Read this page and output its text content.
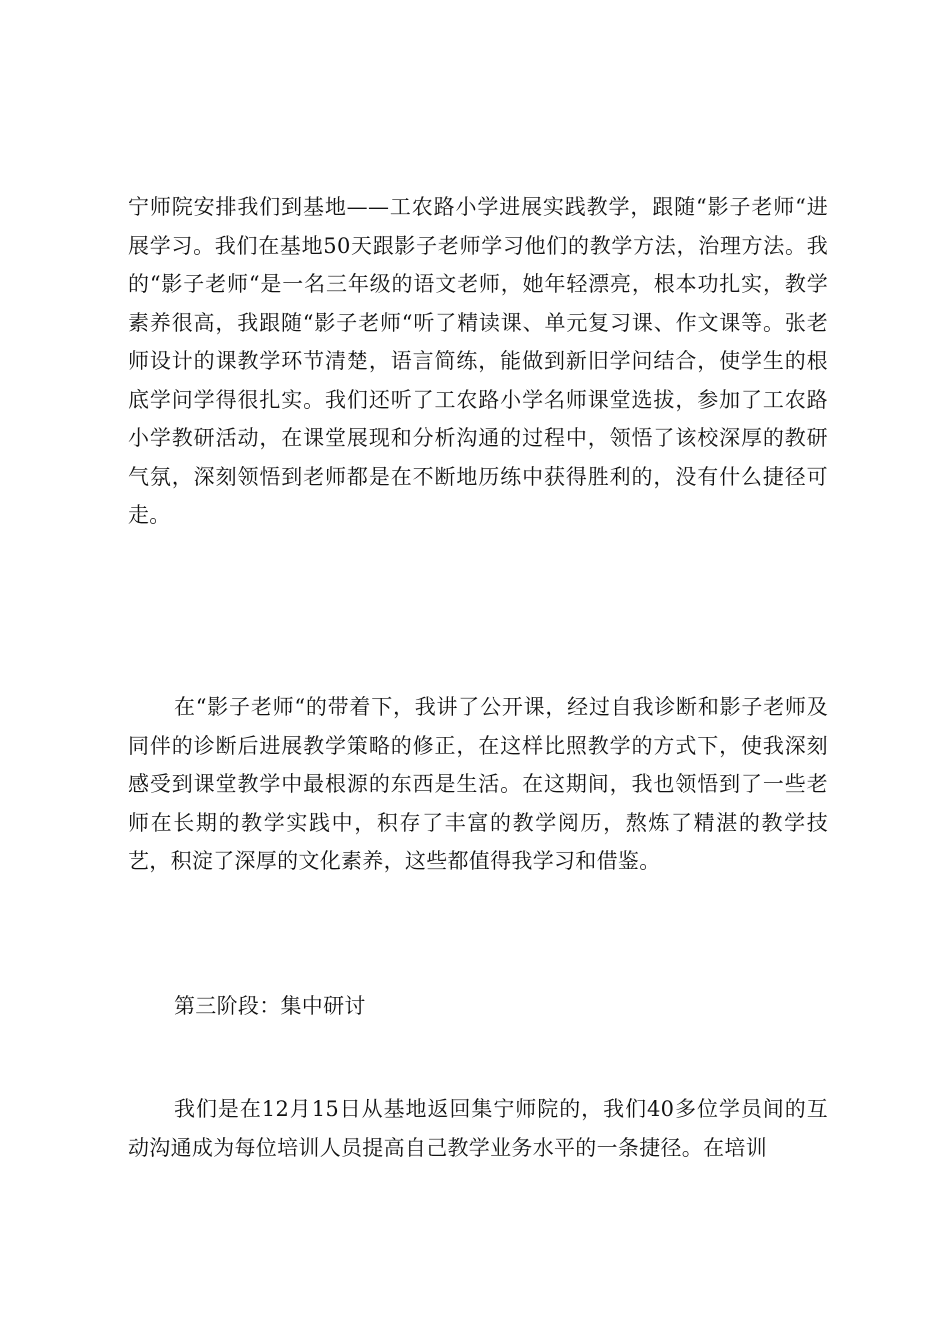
宁师院安排我们到基地——工农路小学进展实践教学，跟随“影子老师“进展学习。我们在基地50天跟影子老师学习他们的教学方法，治理方法。我的“影子老师“是一名三年级的语文老师，她年轻漂亮，根本功扎实，教学素养很高，我跟随“影子老师“听了精读课、单元复习课、作文课等。张老师设计的课教学环节清楚，语言简练，能做到新旧学问结合，使学生的根底学问学得很扎实。我们还听了工农路小学名师课堂选拔，参加了工农路小学教研活动，在课堂展现和分析沟通的过程中，领悟了该校深厚的教研气氛，深刻领悟到老师都是在不断地历练中获得胜利的，没有什么捷径可走。

在“影子老师“的带着下，我讲了公开课，经过自我诊断和影子老师及同伴的诊断后进展教学策略的修正，在这样比照教学的方式下，使我深刻感受到课堂教学中最根源的东西是生活。在这期间，我也领悟到了一些老师在长期的教学实践中，积存了丰富的教学阅历，熬炼了精湛的教学技艺，积淀了深厚的文化素养，这些都值得我学习和借鉴。

第三阶段：集中研讨

我们是在12月15日从基地返回集宁师院的，我们40多位学员间的互动沟通成为每位培训人员提高自己教学业务水平的一条捷径。在培训
